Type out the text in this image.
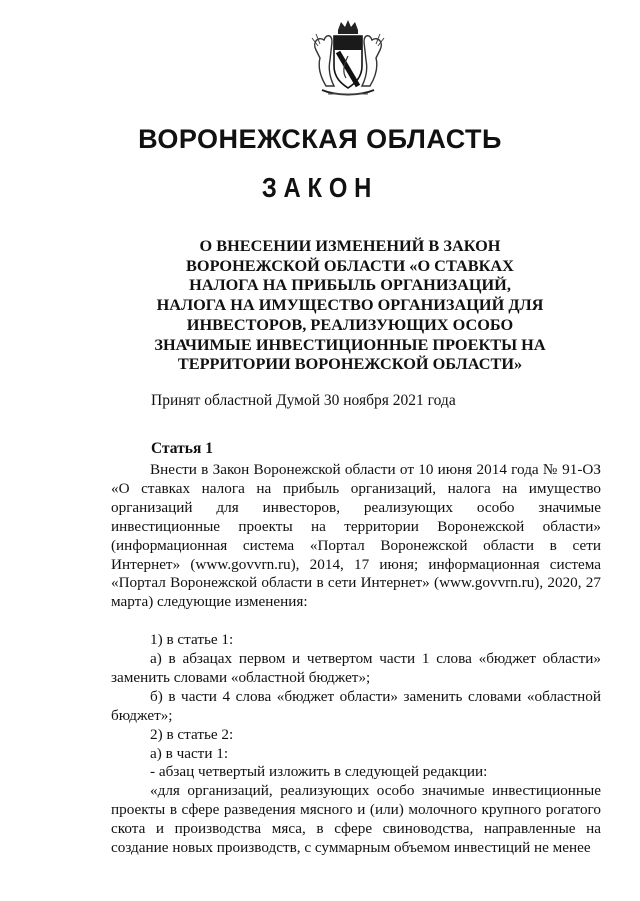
ВОРОНЕЖСКАЯ ОБЛАСТЬ
ЗАКОН
О ВНЕСЕНИИ ИЗМЕНЕНИЙ В ЗАКОН
ВОРОНЕЖСКОЙ ОБЛАСТИ «О СТАВКАХ
НАЛОГА НА ПРИБЫЛЬ ОРГАНИЗАЦИЙ,
НАЛОГА НА ИМУЩЕСТВО ОРГАНИЗАЦИЙ ДЛЯ
ИНВЕСТОРОВ, РЕАЛИЗУЮЩИХ ОСОБО
ЗНАЧИМЫЕ ИНВЕСТИЦИОННЫЕ ПРОЕКТЫ НА
ТЕРРИТОРИИ ВОРОНЕЖСКОЙ ОБЛАСТИ»
Принят областной Думой 30 ноября 2021 года
Статья 1

Внести в Закон Воронежской области от 10 июня 2014 года № 91-ОЗ «О ставках налога на прибыль организаций, налога на имущество организаций для инвесторов, реализующих особо значимые инвестиционные проекты на территории Воронежской области» (информационная система «Портал Воронежской области в сети Интернет» (www.govvrn.ru), 2014, 17 июня; информационная система «Портал Воронежской области в сети Интернет» (www.govvrn.ru), 2020, 27 марта) следующие изменения:

1) в статье 1:

а) в абзацах первом и четвертом части 1 слова «бюджет области» заменить словами «областной бюджет»;

б) в части 4 слова «бюджет области» заменить словами «областной бюджет»;

2) в статье 2:

а) в части 1:

- абзац четвертый изложить в следующей редакции:

«для организаций, реализующих особо значимые инвестиционные проекты в сфере разведения мясного и (или) молочного крупного рогатого скота и производства мяса, в сфере свиноводства, направленные на создание новых производств, с суммарным объемом инвестиций не менее
